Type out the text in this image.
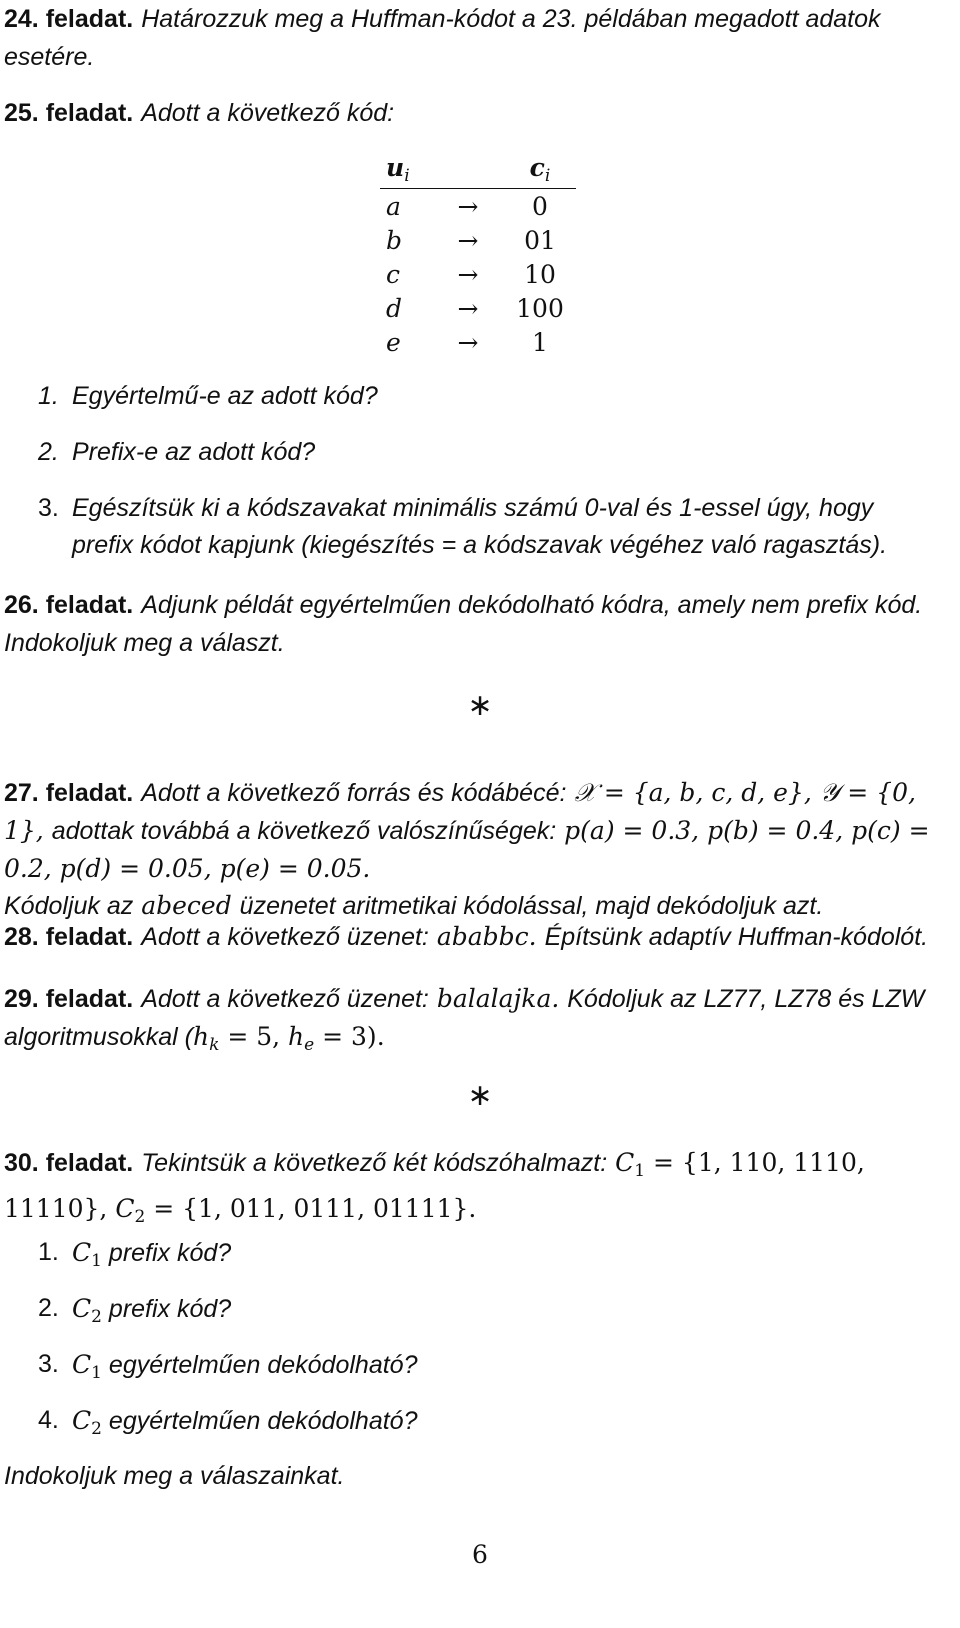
24. feladat. Határozzuk meg a Huffman-kódot a 23. példában megadott adatok esetére.

25. feladat. Adott a következő kód:

$u_i$		$c_i$
a	→	0
b	→	01
c	→	10
d	→	100
e	→	1
1. Egyértelmű-e az adott kód?
2. Prefix-e az adott kód?
3. Egészítsük ki a kódszavakat minimális számú 0-val és 1-essel úgy, hogy prefix kódot kapjunk (kiegészítés = a kódszavak végéhez való ragasztás).

26. feladat. Adjunk példát egyértelműen dekódolható kódra, amely nem prefix kód. Indokoljuk meg a választ.

∗

27. feladat. Adott a következő forrás és kódábécé: 𝒳 = {a, b, c, d, e}, 𝒴 = {0, 1}, adottak továbbá a következő valószínűségek: p(a) = 0.3, p(b) = 0.4, p(c) = 0.2, p(d) = 0.05, p(e) = 0.05.
Kódoljuk az abeced üzenetet aritmetikai kódolással, majd dekódoljuk azt.

28. feladat. Adott a következő üzenet: ababbc. Építsünk adaptív Huffman-kódolót.

29. feladat. Adott a következő üzenet: balalajka. Kódoljuk az LZ77, LZ78 és LZW algoritmusokkal ($h_k = 5$, $h_e = 3$).

∗

30. feladat. Tekintsük a következő két kódszóhalmazt: $C_1 = \{1$, 110, 1110, 11110}, $C_2 = \{1$, 011, 0111, 01111}.

1. $C_1$ prefix kód?
2. $C_2$ prefix kód?
3. $C_1$ egyértelműen dekódolható?
4. $C_2$ egyértelműen dekódolható?

Indokoljuk meg a válaszainkat.

6
